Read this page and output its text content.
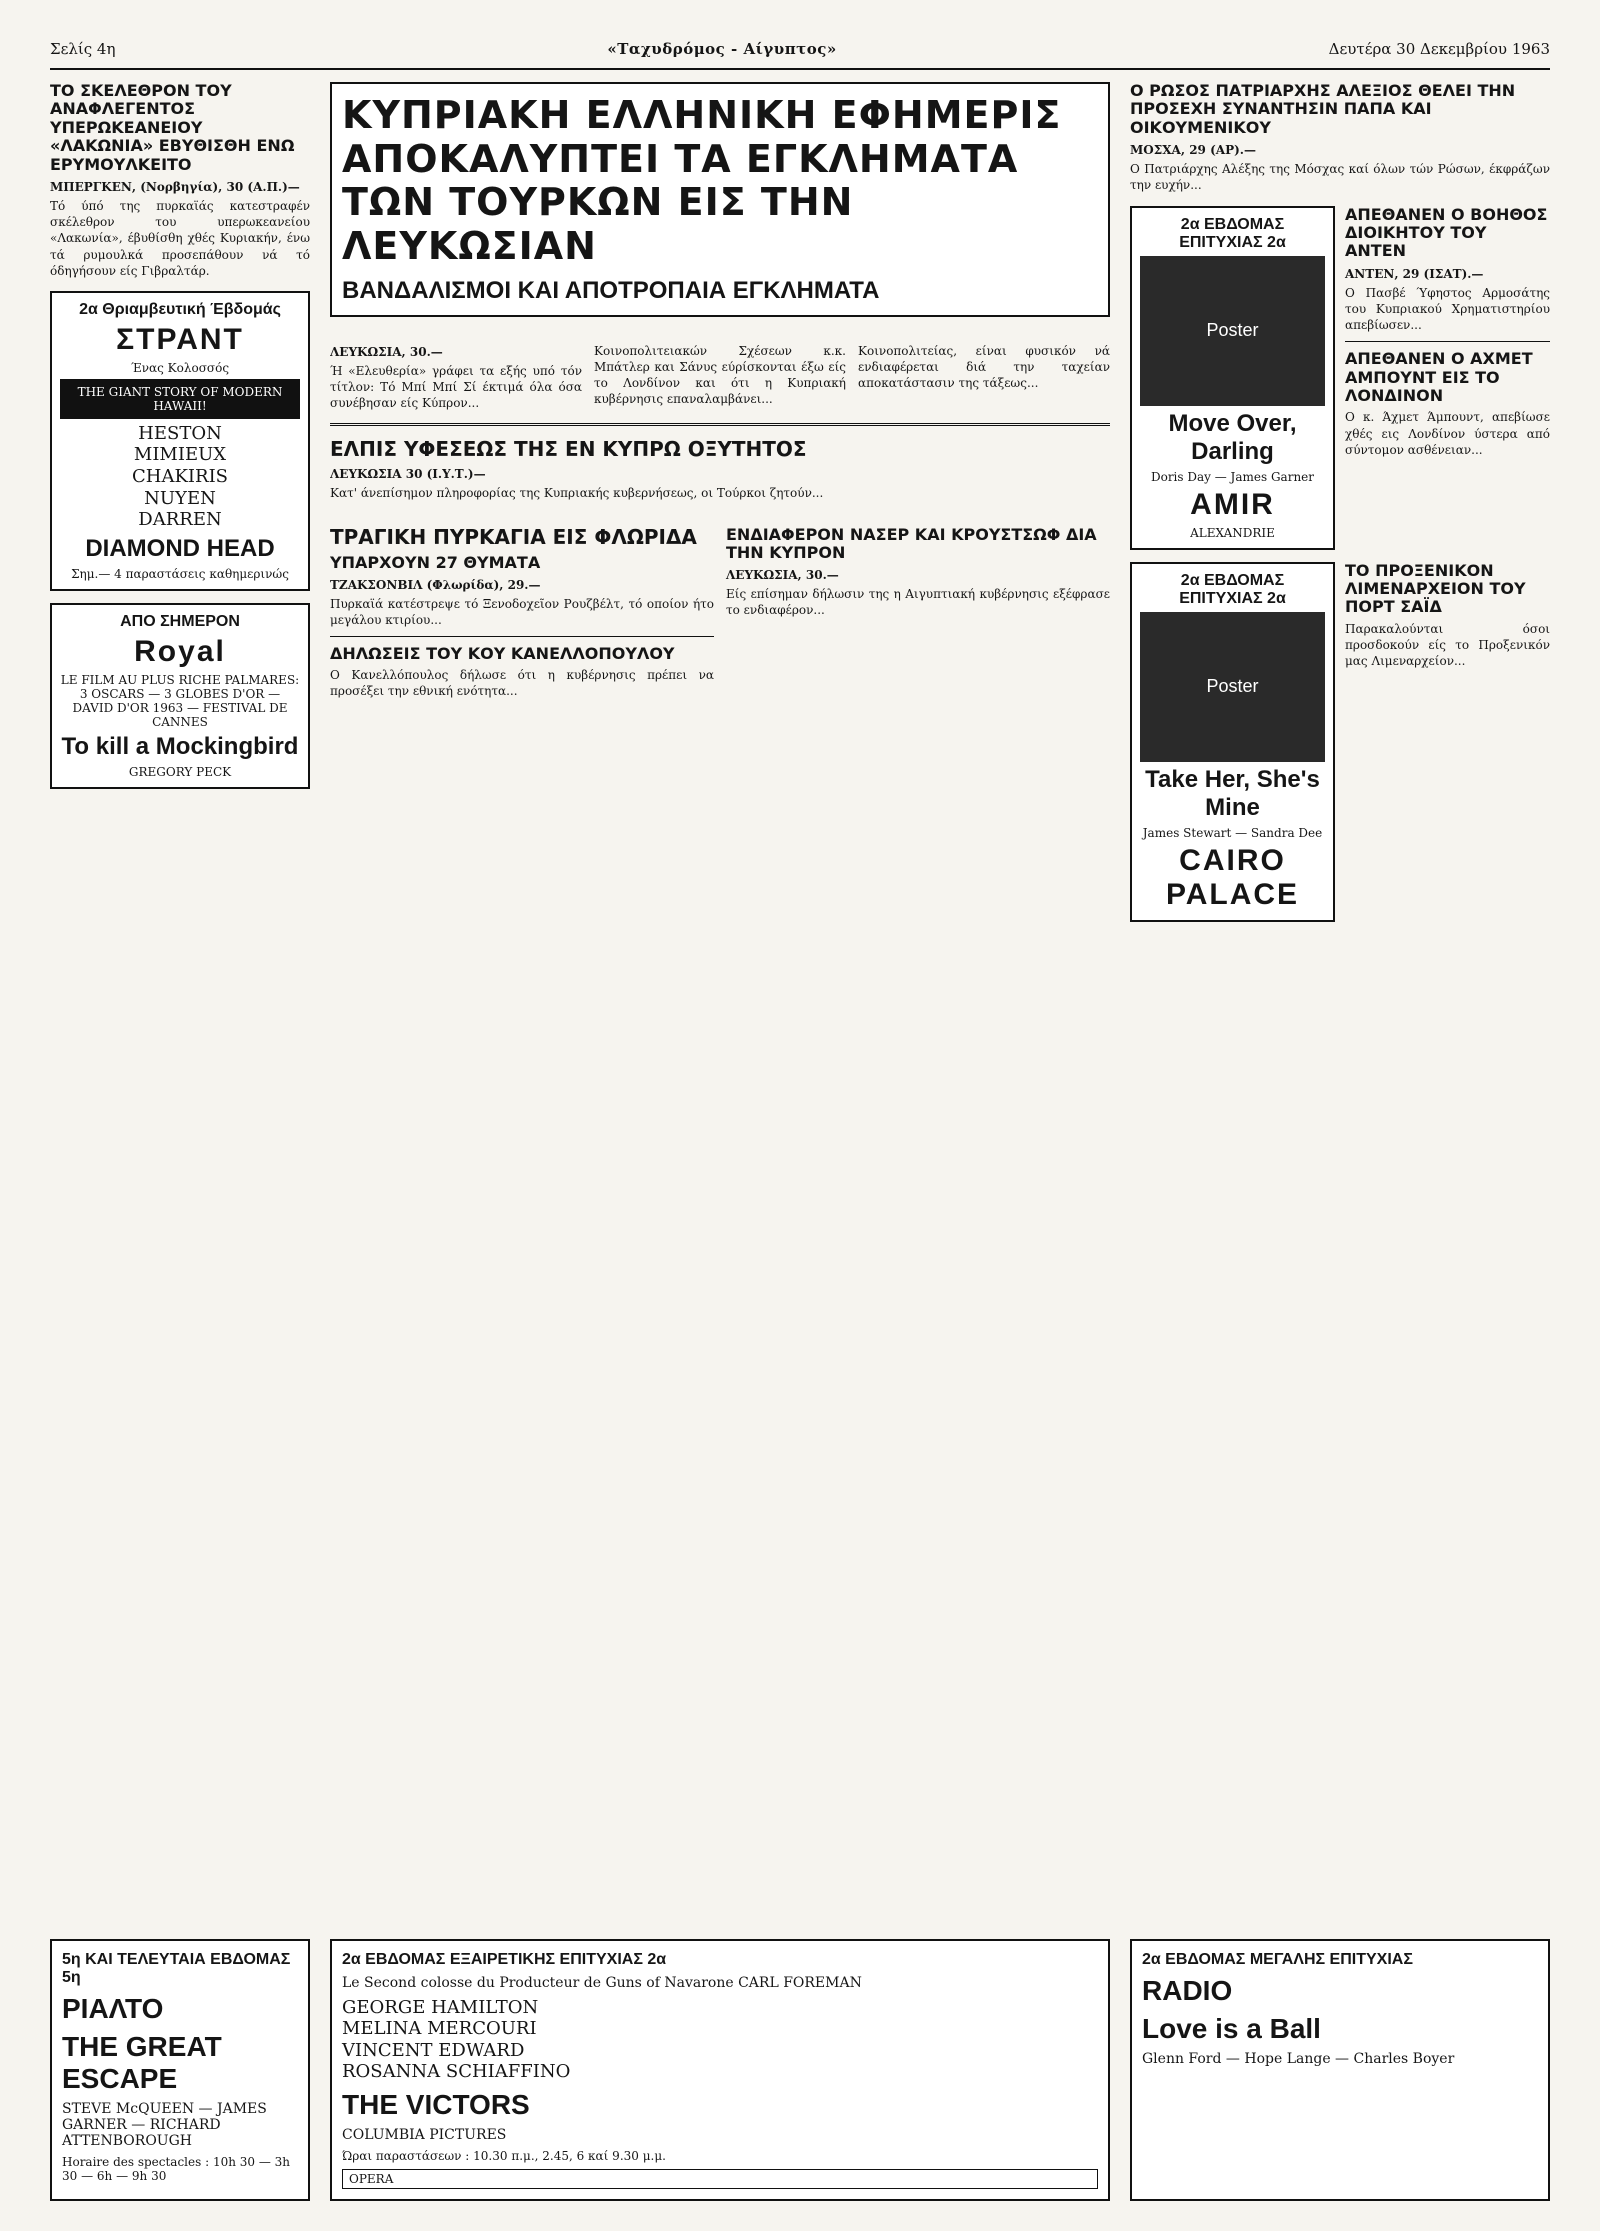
Σελίς 4η	«Ταχυδρόμος - Αίγυπτος»	Δευτέρα 30 Δεκεμβρίου 1963
ΤΟ ΣΚΕΛΕΘΡΟΝ ΤΟΥ ΑΝΑΦΛΕΓΕΝΤΟΣ ΥΠΕΡΩΚΕΑΝΕΙΟΥ «ΛΑΚΩΝΙΑ» ΕΒΥΘΙΣΘΗ ΕΝΩ ΕΡΥΜΟΥΛΚΕΙΤΟ
ΜΠΕΡΓΚΕΝ, (Νορβηγία), 30 (Α.Π.)—
Τό ύπό της πυρκαϊάς κατεστραφέν σκέλεθρον του υπερωκεανείου «Λακωνία», έβυθίσθη χθές Κυριακήν, ένω τά ρυμουλκά προσεπάθουν νά τό όδηγήσουν είς Γιβραλτάρ.
2α Θριαμβευτική Έβδομάς
ΣΤΡΑΝΤ
Ένας Κολοσσός
THE GIANT STORY OF MODERN HAWAII!
HESTON
MIMIEUX
CHAKIRIS
NUYEN
DARREN
DIAMOND HEAD
Σημ.— 4 παραστάσεις καθημερινώς
ΑΠΟ ΣΗΜΕΡΟΝ
Royal
LE FILM AU PLUS RICHE PALMARES: 3 OSCARS — 3 GLOBES D'OR — DAVID D'OR 1963 — FESTIVAL DE CANNES
To kill a Mockingbird
GREGORY PECK
ΚΥΠΡΙΑΚΗ ΕΛΛΗΝΙΚΗ ΕΦΗΜΕΡΙΣ ΑΠΟΚΑΛΥΠΤΕΙ ΤΑ ΕΓΚΛΗΜΑΤΑ ΤΩΝ ΤΟΥΡΚΩΝ ΕΙΣ ΤΗΝ ΛΕΥΚΩΣΙΑΝ
ΒΑΝΔΑΛΙΣΜΟΙ ΚΑΙ ΑΠΟΤΡΟΠΑΙΑ ΕΓΚΛΗΜΑΤΑ
ΛΕΥΚΩΣΙΑ, 30.—
Ή «Ελευθερία» γράφει τα εξής υπό τόν τίτλον: Τό Μπί Μπί Σί έκτιμά όλα όσα συνέβησαν είς Κύπρον...
Κοινοπολιτειακών Σχέσεων κ.κ. Μπάτλερ και Σάνυς εύρίσκονται έξω είς το Λονδίνον και ότι η Κυπριακή κυβέρνησις επαναλαμβάνει...
Κοινοπολιτείας, είναι φυσικόν νά ενδιαφέρεται διά την ταχείαν αποκατάστασιν της τάξεως...
ΕΛΠΙΣ ΥΦΕΣΕΩΣ ΤΗΣ ΕΝ ΚΥΠΡΩ ΟΞΥΤΗΤΟΣ
ΛΕΥΚΩΣΙΑ 30 (Ι.Υ.Τ.)—
Κατ' άνεπίσημον πληροφορίας της Κυπριακής κυβερνήσεως, οι Τούρκοι ζητούν...
ΤΡΑΓΙΚΗ ΠΥΡΚΑΓΙΑ ΕΙΣ ΦΛΩΡΙΔΑ
ΥΠΑΡΧΟΥΝ 27 ΘΥΜΑΤΑ
ΤΖΑΚΣΟΝΒΙΛ (Φλωρίδα), 29.—
Πυρκαϊά κατέστρεψε τό Ξενοδοχεῖον Ρουζβέλτ, τό οποίον ήτο μεγάλου κτιρίου...
ΔΗΛΩΣΕΙΣ ΤΟΥ ΚΟΥ ΚΑΝΕΛΛΟΠΟΥΛΟΥ
Ο Κανελλόπουλος δήλωσε ότι η κυβέρνησις πρέπει να προσέξει την εθνική ενότητα...
ΕΝΔΙΑΦΕΡΟΝ ΝΑΣΕΡ ΚΑΙ ΚΡΟΥΣΤΣΩΦ ΔΙΑ ΤΗΝ ΚΥΠΡΟΝ
ΛΕΥΚΩΣΙΑ, 30.—
Είς επίσημαν δήλωσιν της η Αιγυπτιακή κυβέρνησις εξέφρασε το ενδιαφέρον...
Ο ΡΩΣΟΣ ΠΑΤΡΙΑΡΧΗΣ ΑΛΕΞΙΟΣ ΘΕΛΕΙ ΤΗΝ ΠΡΟΣΕΧΗ ΣΥΝΑΝΤΗΣΙΝ ΠΑΠΑ ΚΑΙ ΟΙΚΟΥΜΕΝΙΚΟΥ
ΜΟΣΧΑ, 29 (ΑΡ).—
Ο Πατριάρχης Αλέξης της Μόσχας καί όλων τών Ρώσων, έκφράζων την ευχήν...
2α ΕΒΔΟΜΑΣ ΕΠΙΤΥΧΙΑΣ 2α
Poster
Move Over, Darling
Doris Day — James Garner
AMIR
ALEXANDRIE
ΑΠΕΘΑΝΕΝ Ο ΒΟΗΘΟΣ ΔΙΟΙΚΗΤΟΥ ΤΟΥ ΑΝΤΕΝ
ΑΝΤΕΝ, 29 (ΙΣΑΤ).—
Ο Πασβέ Ύφηστος Αρμοσάτης του Κυπριακού Χρηματιστηρίου απεβίωσεν...
ΑΠΕΘΑΝΕΝ Ο ΑΧΜΕΤ ΑΜΠΟΥΝΤ ΕΙΣ ΤΟ ΛΟΝΔΙΝΟΝ
Ο κ. Άχμετ Άμπουντ, απεβίωσε χθές εις Λονδίνον ύστερα από σύντομον ασθένειαν...
2α ΕΒΔΟΜΑΣ ΕΠΙΤΥΧΙΑΣ 2α
Poster
Take Her, She's Mine
James Stewart — Sandra Dee
CAIRO PALACE
ΤΟ ΠΡΟΞΕΝΙΚΟΝ ΛΙΜΕΝΑΡΧΕΙΟΝ ΤΟΥ ΠΟΡΤ ΣΑΪΔ
Παρακαλούνται όσοι προσδοκούν είς το Προξενικόν μας Λιμεναρχείον...
5η ΚΑΙ ΤΕΛΕΥΤΑΙΑ ΕΒΔΟΜΑΣ 5η
ΡΙΑΛΤΟ
THE GREAT ESCAPE
STEVE McQUEEN — JAMES GARNER — RICHARD ATTENBOROUGH
Horaire des spectacles : 10h 30 — 3h 30 — 6h — 9h 30
2α ΕΒΔΟΜΑΣ ΕΞΑΙΡΕΤΙΚΗΣ ΕΠΙΤΥΧΙΑΣ 2α
Le Second colosse du Producteur de Guns of Navarone CARL FOREMAN
GEORGE HAMILTON
MELINA MERCOURI
VINCENT EDWARD
ROSANNA SCHIAFFINO
THE VICTORS
COLUMBIA PICTURES
Ώραι παραστάσεων : 10.30 π.μ., 2.45, 6 καί 9.30 μ.μ.
OPERA
2α ΕΒΔΟΜΑΣ ΜΕΓΑΛΗΣ ΕΠΙΤΥΧΙΑΣ
RADIO
Love is a Ball
Glenn Ford — Hope Lange — Charles Boyer
